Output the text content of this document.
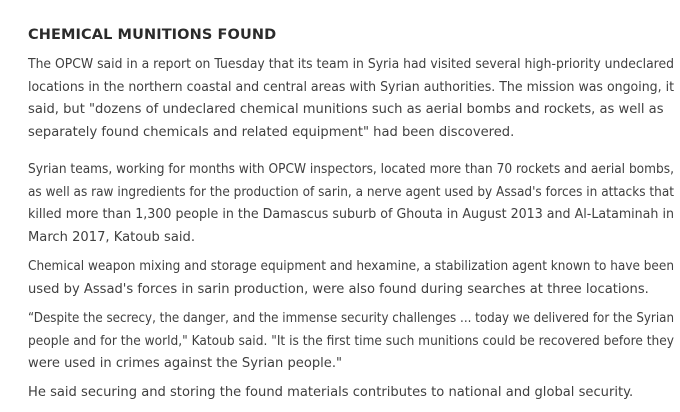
CHEMICAL MUNITIONS FOUND

The OPCW said in a report on Tuesday that its team in Syria had visited several high-priority undeclared
locations in the northern coastal and central areas with Syrian authorities. The mission was ongoing, it
said, but "dozens of undeclared chemical munitions such as aerial bombs and rockets, as well as
separately found chemicals and related equipment" had been discovered.

Syrian teams, working for months with OPCW inspectors, located more than 70 rockets and aerial bombs,
as well as raw ingredients for the production of sarin, a nerve agent used by Assad's forces in attacks that
killed more than 1,300 people in the Damascus suburb of Ghouta in August 2013 and Al-Lataminah in
March 2017, Katoub said.

Chemical weapon mixing and storage equipment and hexamine, a stabilization agent known to have been
used by Assad's forces in sarin production, were also found during searches at three locations.

“Despite the secrecy, the danger, and the immense security challenges ... today we delivered for the Syrian
people and for the world," Katoub said. "It is the first time such munitions could be recovered before they
were used in crimes against the Syrian people."

He said securing and storing the found materials contributes to national and global security.
